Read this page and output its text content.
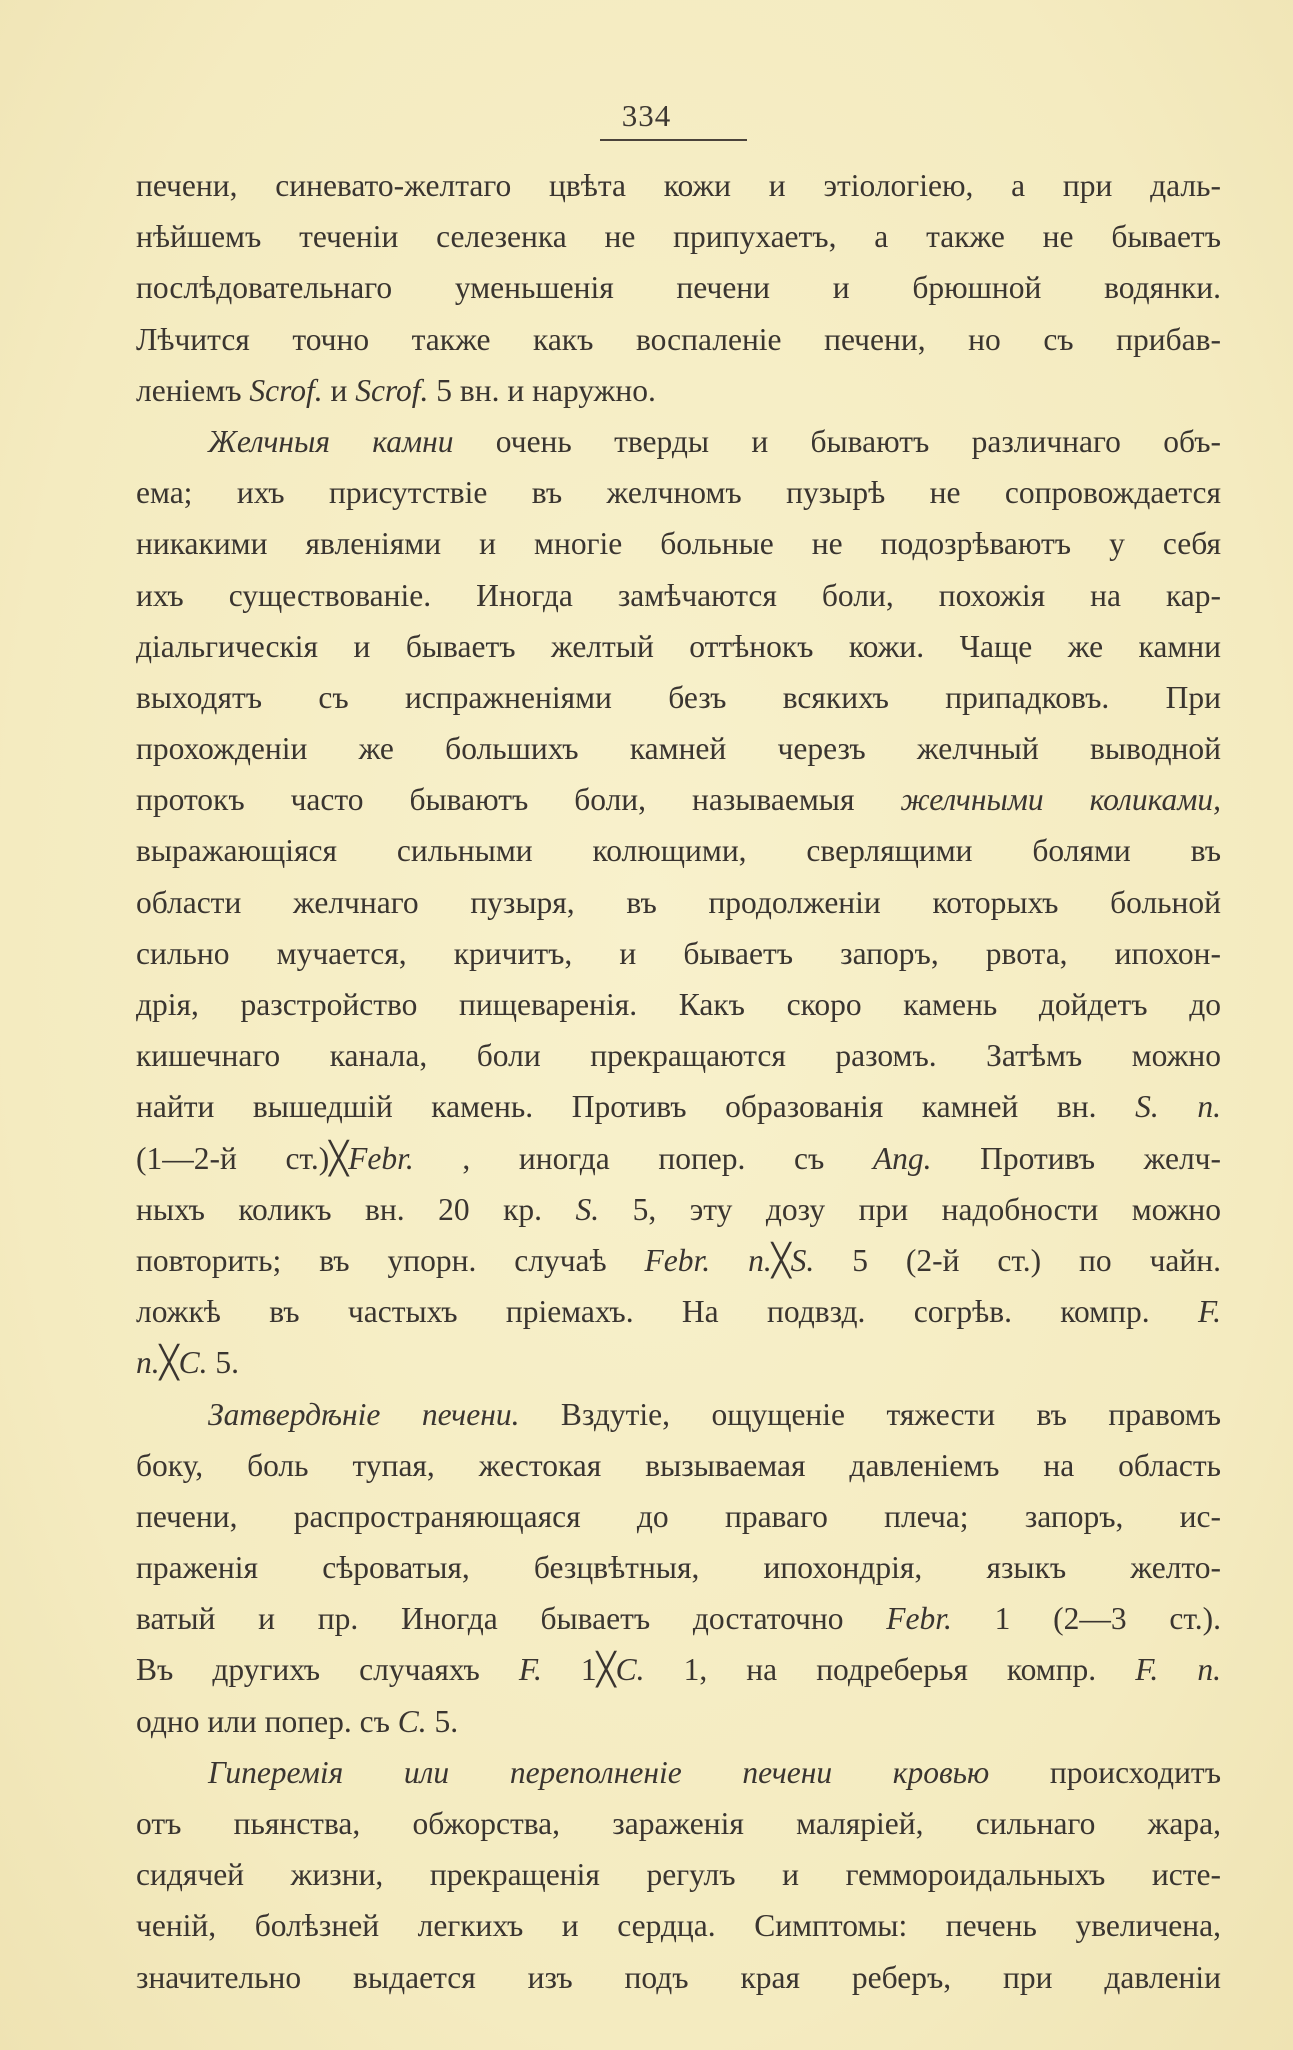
334
печени, синевато-желтаго цвѣта кожи и этіологіею, а при даль-
нѣйшемъ теченіи селезенка не припухаетъ, а также не бываетъ
послѣдовательнаго уменьшенія печени и брюшной водянки.
Лѣчится точно также какъ воспаленіе печени, но съ прибав-
леніемъ Scrof. и Scrof. 5 вн. и наружно.
Желчныя камни очень тверды и бываютъ различнаго объ-
ема; ихъ присутствіе въ желчномъ пузырѣ не сопровождается
никакими явленіями и многіе больные не подозрѣваютъ у себя
ихъ существованіе. Иногда замѣчаются боли, похожія на кар-
діальгическія и бываетъ желтый оттѣнокъ кожи. Чаще же камни
выходятъ съ испражненіями безъ всякихъ припадковъ. При
прохожденіи же большихъ камней черезъ желчный выводной
протокъ часто бываютъ боли, называемыя желчными коликами,
выражающіяся сильными колющими, сверлящими болями въ
области желчнаго пузыря, въ продолженіи которыхъ больной
сильно мучается, кричитъ, и бываетъ запоръ, рвота, ипохон-
дрія, разстройство пищеваренія. Какъ скоро камень дойдетъ до
кишечнаго канала, боли прекращаются разомъ. Затѣмъ можно
найти вышедшій камень. Противъ образованія камней вн. S. n.
(1—2-й ст.)╳Febr. , иногда попер. съ Ang. Противъ желч-
ныхъ коликъ вн. 20 кр. S. 5, эту дозу при надобности можно
повторить; въ упорн. случаѣ Febr. n.╳S. 5 (2-й ст.) по чайн.
ложкѣ въ частыхъ пріемахъ. На подвзд. согрѣв. компр. F.
n.╳C. 5.
Затвердѣніе печени. Вздутіе, ощущеніе тяжести въ правомъ
боку, боль тупая, жестокая вызываемая давленіемъ на область
печени, распространяющаяся до праваго плеча; запоръ, ис-
праженія сѣроватыя, безцвѣтныя, ипохондрія, языкъ желто-
ватый и пр. Иногда бываетъ достаточно Febr. 1 (2—3 ст.).
Въ другихъ случаяхъ F. 1╳C. 1, на подреберья компр. F. n.
одно или попер. съ C. 5.
Гиперемія или переполненіе печени кровью происходитъ
отъ пьянства, обжорства, зараженія маляріей, сильнаго жара,
сидячей жизни, прекращенія регулъ и геммороидальныхъ исте-
ченій, болѣзней легкихъ и сердца. Симптомы: печень увеличена,
значительно выдается изъ подъ края реберъ, при давленіи
